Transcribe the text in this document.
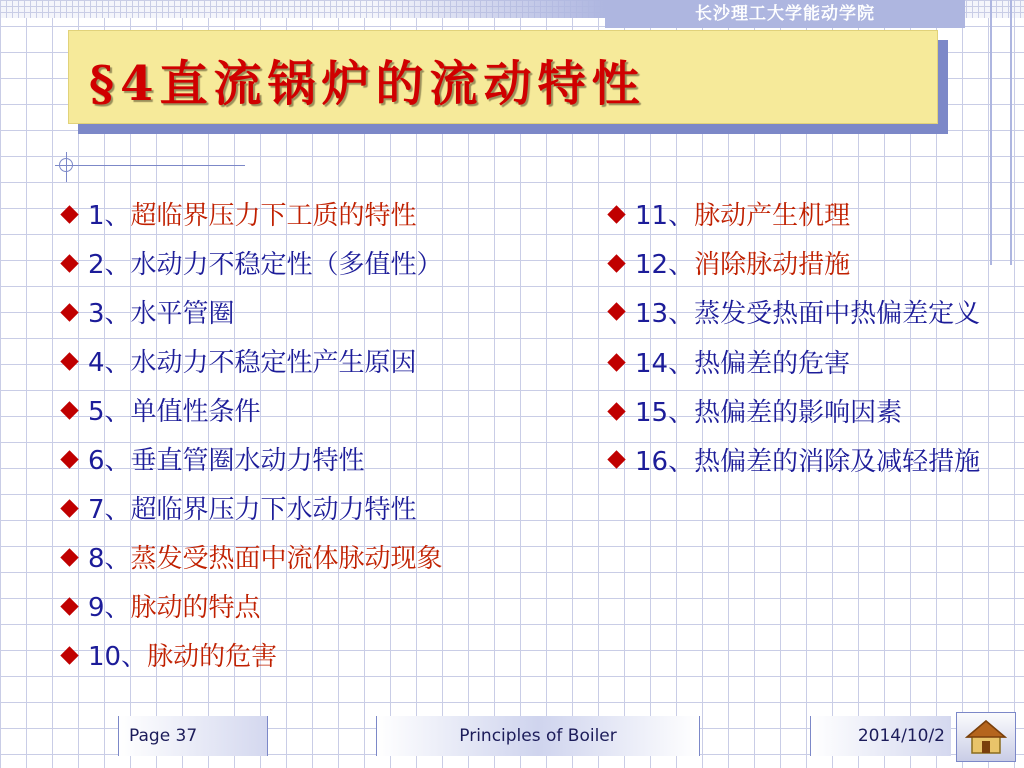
长沙理工大学能动学院
§4直流锅炉的流动特性
1、超临界压力下工质的特性
2、水动力不稳定性（多值性）
3、水平管圈
4、水动力不稳定性产生原因
5、单值性条件
6、垂直管圈水动力特性
7、超临界压力下水动力特性
8、蒸发受热面中流体脉动现象
9、脉动的特点
10、脉动的危害
11、脉动产生机理
12、消除脉动措施
13、蒸发受热面中热偏差定义
14、热偏差的危害
15、热偏差的影响因素
16、热偏差的消除及减轻措施
Page 37	Principles of Boiler	2014/10/2
